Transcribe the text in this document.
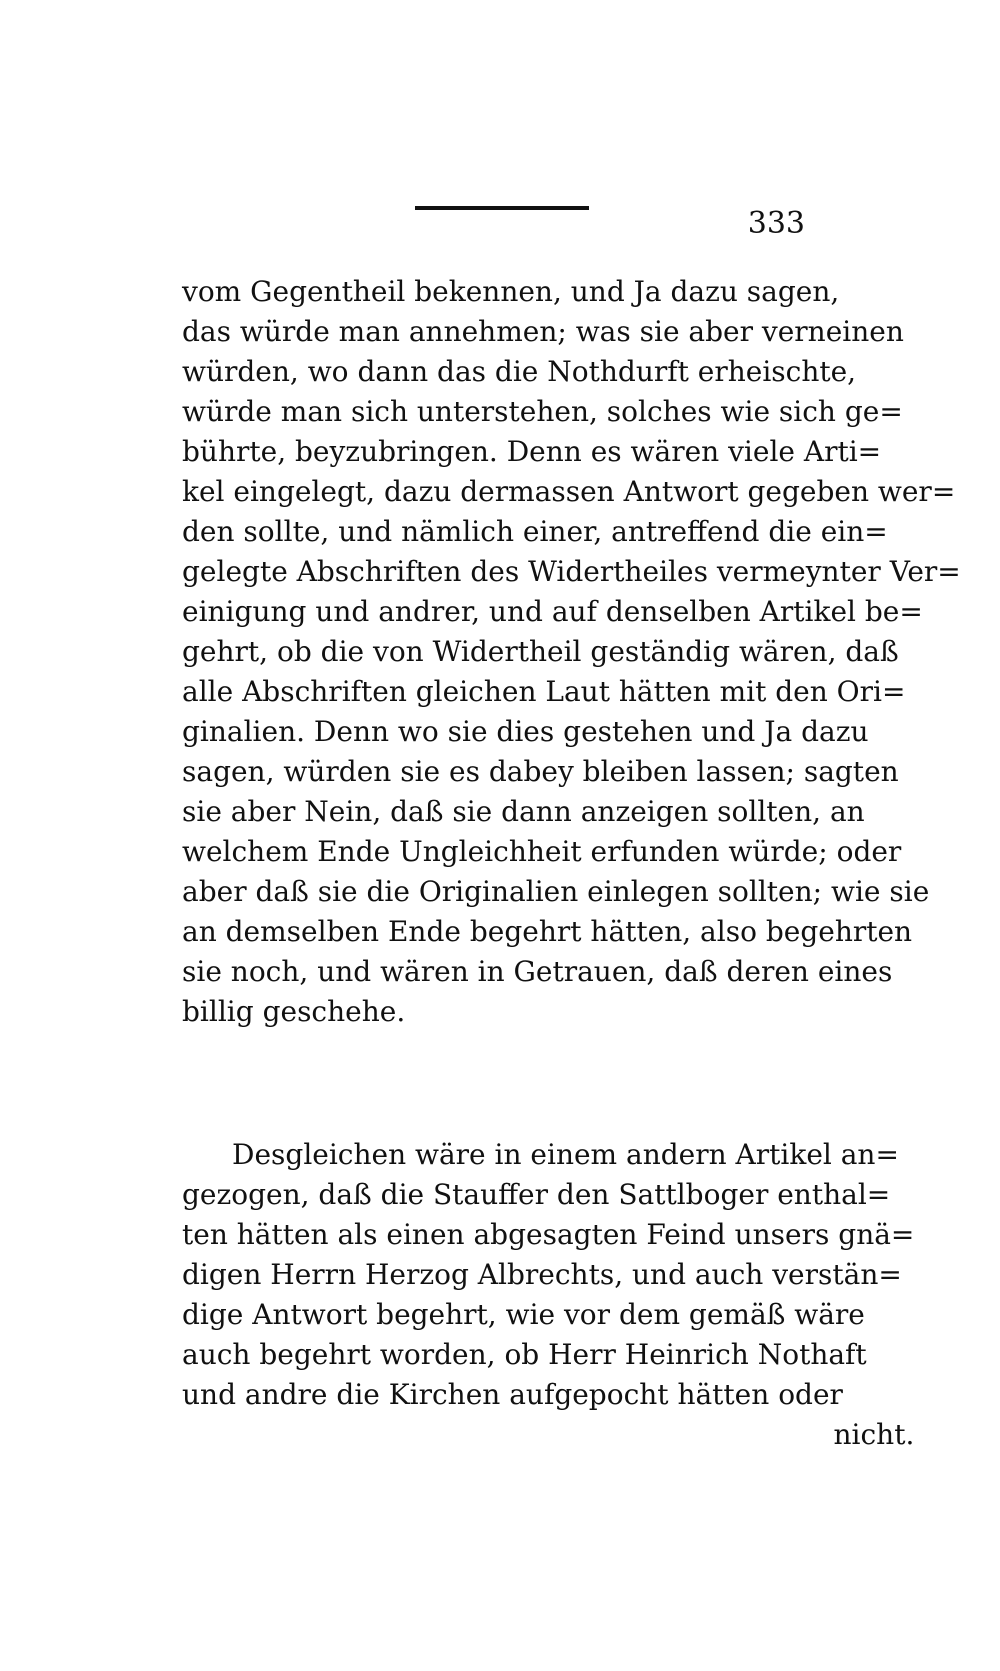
333
vom Gegentheil bekennen, und Ja dazu sagen,
das würde man annehmen; was sie aber verneinen
würden, wo dann das die Nothdurft erheischte,
würde man sich unterstehen, solches wie sich ge=
bührte, beyzubringen. Denn es wären viele Arti=
kel eingelegt, dazu dermassen Antwort gegeben wer=
den sollte, und nämlich einer, antreffend die ein=
gelegte Abschriften des Widertheiles vermeynter Ver=
einigung und andrer, und auf denselben Artikel be=
gehrt, ob die von Widertheil geständig wären, daß
alle Abschriften gleichen Laut hätten mit den Ori=
ginalien. Denn wo sie dies gestehen und Ja dazu
sagen, würden sie es dabey bleiben lassen; sagten
sie aber Nein, daß sie dann anzeigen sollten, an
welchem Ende Ungleichheit erfunden würde; oder
aber daß sie die Originalien einlegen sollten; wie sie
an demselben Ende begehrt hätten, also begehrten
sie noch, und wären in Getrauen, daß deren eines
billig geschehe.
Desgleichen wäre in einem andern Artikel an=
gezogen, daß die Stauffer den Sattlboger enthal=
ten hätten als einen abgesagten Feind unsers gnä=
digen Herrn Herzog Albrechts, und auch verstän=
dige Antwort begehrt, wie vor dem gemäß wäre
auch begehrt worden, ob Herr Heinrich Nothaft
und andre die Kirchen aufgepocht hätten oder
nicht.
